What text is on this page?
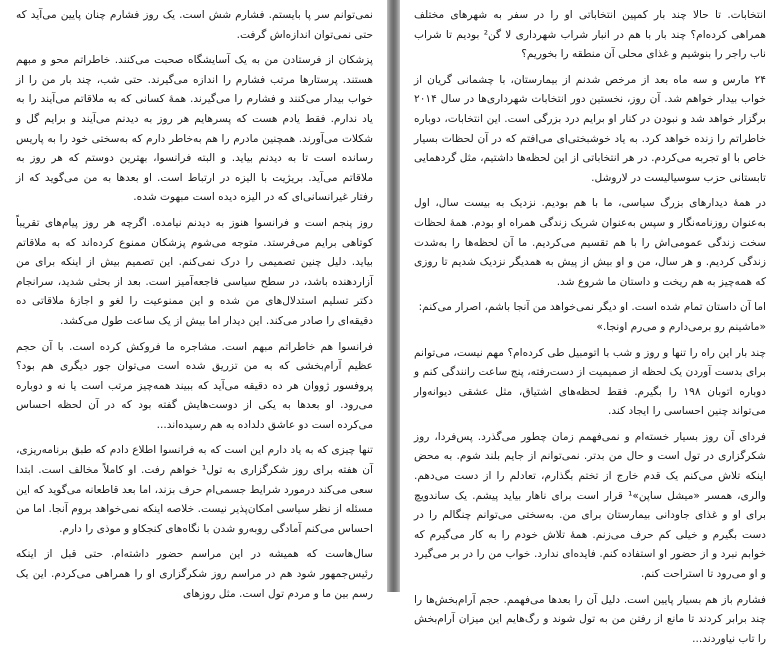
انتخابات. تا حالا چند بار کمپین انتخاباتی او را در سفر به شهرهای مختلف همراهی کرده‌ام؟ چند بار با هم در انبار شراب شهرداری لا گن² بودیم تا شراب ناب راجر را بنوشیم و غذای محلی آن منطقه را بخوریم؟

۲۴ مارس و سه ماه بعد از مرخص شدنم از بیمارستان، با چشمانی گریان از خواب بیدار خواهم شد. آن روز، نخستین دور انتخابات شهرداری‌ها در سال ۲۰۱۴ برگزار خواهد شد و نبودن در کنار او برایم درد بزرگی است. این انتخابات، دوباره خاطراتم را زنده خواهد کرد. به یاد خوشبختی‌ای می‌افتم که در آن لحظات بسیار خاص با او تجربه می‌کردم. در هر انتخاباتی از این لحظه‌ها داشتیم، مثل گردهمایی تابستانی حزب سوسیالیست در لاروشل.

در همهٔ دیدارهای بزرگ سیاسی، ما با هم بودیم. نزدیک به بیست سال، اول به‌عنوان روزنامه‌نگار و سپس به‌عنوان شریک زندگی همراه او بودم. همهٔ لحظات سخت زندگی عمومی‌اش را با هم تقسیم می‌کردیم. ما آن لحظه‌ها را به‌شدت زندگی کردیم. و هر سال، من و او بیش از پیش به همدیگر نزدیک شدیم تا روزی که همه‌چیز به هم ریخت و داستان ما شروع شد.

اما آن داستان تمام شده است. او دیگر نمی‌خواهد من آنجا باشم، اصرار می‌کنم:

«ماشینم رو برمی‌دارم و می‌رم اونجا.»

چند بار این راه را تنها و روز و شب با اتومبیل طی کرده‌ام؟ مهم نیست، می‌توانم برای بدست آوردن یک لحظه از صمیمیت از دست‌رفته، پنج ساعت رانندگی کنم و دوباره اتوبان ۱۹۸ را بگیرم. فقط لحظه‌های اشتیاق، مثل عشقی دیوانه‌وار می‌تواند چنین احساسی را ایجاد کند.

فردای آن روز بسیار خسته‌ام و نمی‌فهمم زمان چطور می‌گذرد. پس‌فردا، روز شکرگزاری در تول است و حال من بدتر. نمی‌توانم از جایم بلند شوم. به محض اینکه تلاش می‌کنم یک قدم خارج از تختم بگذارم، تعادلم را از دست می‌دهم. والری، همسر «میشل ساپن»¹ قرار است برای ناهار بیاید پیشم. یک ساندویچ برای او و غذای جاودانی بیمارستان برای من. به‌سختی می‌توانم چنگالم را در دست بگیرم و خیلی کم حرف می‌زنم. همهٔ تلاش خودم را به کار می‌گیرم که خوابم نبرد و از حضور او استفاده کنم. فایده‌ای ندارد. خواب من را در بر می‌گیرد و او می‌رود تا استراحت کنم.

فشارم باز هم بسیار پایین است. دلیل آن را بعدها می‌فهمم. حجم آرام‌بخش‌ها را چند برابر کردند تا مانع از رفتن من به تول شوند و رگ‌هایم این میزان آرام‌بخش را تاب نیاوردند...

نمی‌توانم سر پا بایستم. فشارم شش است. یک روز فشارم چنان پایین می‌آید که حتی نمی‌توان اندازه‌اش گرفت.

پزشکان از فرستادن من به یک آسایشگاه صحبت می‌کنند. خاطراتم محو و مبهم هستند. پرستارها مرتب فشارم را اندازه می‌گیرند. حتی شب، چند بار من را از خواب بیدار می‌کنند و فشارم را می‌گیرند. همهٔ کسانی که به ملاقاتم می‌آیند را به یاد ندارم. فقط یادم هست که پسرهایم هر روز به دیدنم می‌آیند و برایم گل و شکلات می‌آورند. همچنین مادرم را هم به‌خاطر دارم که به‌سختی خود را به پاریس رسانده است تا به دیدنم بیاید. و البته فرانسوا، بهترین دوستم که هر روز به ملاقاتم می‌آید. بریژیت با الیزه در ارتباط است. او بعدها به من می‌گوید که از رفتار غیرانسانی‌ای که در الیزه دیده است مبهوت شده.

روز پنجم است و فرانسوا هنوز به دیدنم نیامده. اگرچه هر روز پیام‌های تقریباً کوتاهی برایم می‌فرستد. متوجه می‌شوم پزشکان ممنوع کرده‌اند که به ملاقاتم بیاید. دلیل چنین تصمیمی را درک نمی‌کنم. این تصمیم بیش از اینکه برای من آزاردهنده باشد، در سطح سیاسی فاجعه‌آمیز است. بعد از بحثی شدید، سرانجام دکتر تسلیم استدلال‌های من شده و این ممنوعیت را لغو و اجازهٔ ملاقاتی ده دقیقه‌ای را صادر می‌کند. این دیدار اما بیش از یک ساعت طول می‌کشد.

فرانسوا هم خاطراتم مبهم است. مشاجره ما فروکش کرده است. با آن حجم عظیم آرام‌بخشی که به من تزریق شده است می‌توان جور دیگری هم بود؟ پروفسور ژووان هر ده دقیقه می‌آید که ببیند همه‌چیز مرتب است یا نه و دوباره می‌رود. او بعدها به یکی از دوست‌هایش گفته بود که در آن لحظه احساس می‌کرده است دو عاشق دلداده به هم رسیده‌اند...

تنها چیزی که به یاد دارم این است که به فرانسوا اطلاع دادم که طبق برنامه‌ریزی، آن هفته برای روز شکرگزاری به تول¹ خواهم رفت. او کاملاً مخالف است. ابتدا سعی می‌کند درمورد شرایط جسمی‌ام حرف بزند، اما بعد قاطعانه می‌گوید که این مسئله از نظر سیاسی امکان‌پذیر نیست. خلاصه اینکه نمی‌خواهد بروم آنجا. اما من احساس می‌کنم آمادگی روبه‌رو شدن با نگاه‌های کنجکاو و موذی را دارم.

سال‌هاست که همیشه در این مراسم حضور داشته‌ام. حتی قبل از اینکه رئیس‌جمهور شود هم در مراسم روز شکرگزاری او را همراهی می‌کردم. این یک رسم بین ما و مردم تول است. مثل روزهای
